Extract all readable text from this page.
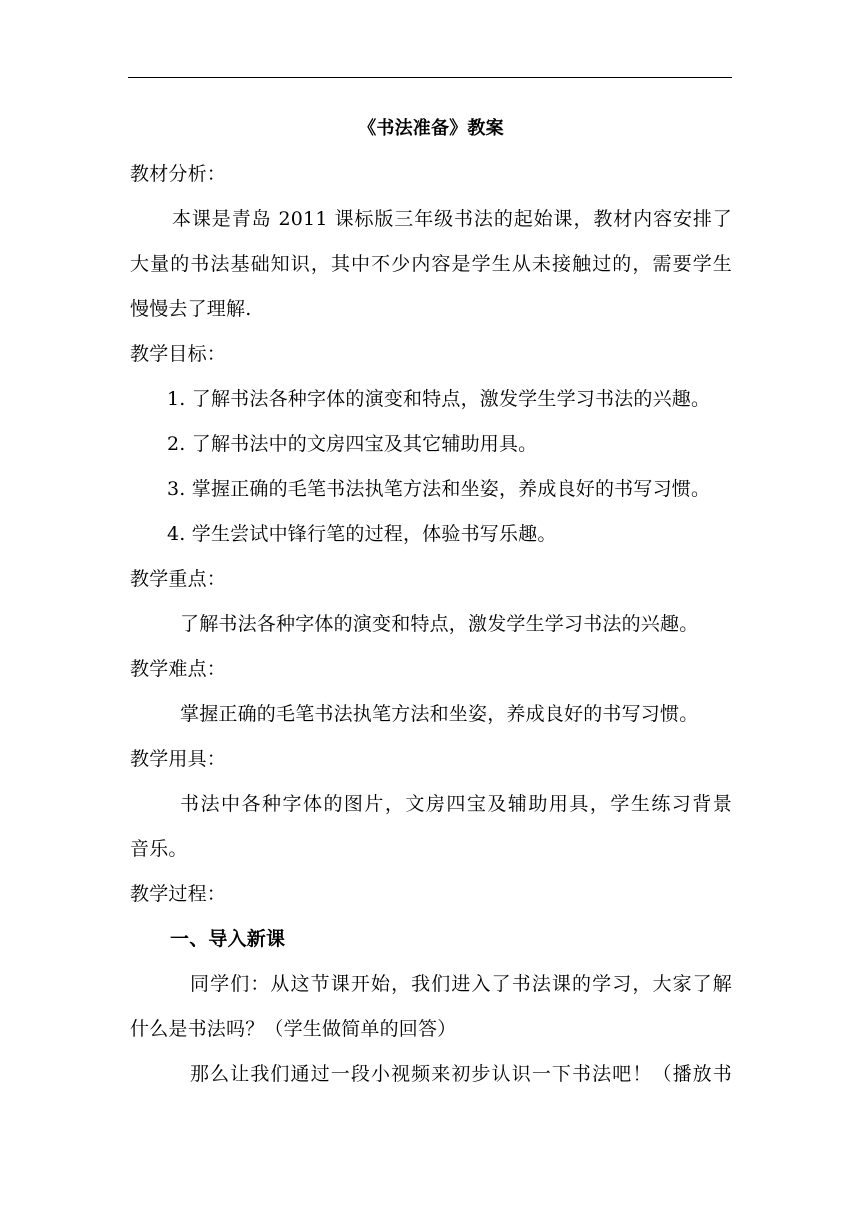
《书法准备》教案
教材分析：
本课是青岛 2011 课标版三年级书法的起始课，教材内容安排了
大量的书法基础知识，其中不少内容是学生从未接触过的，需要学生
慢慢去了理解.
教学目标：
1. 了解书法各种字体的演变和特点，激发学生学习书法的兴趣。
2. 了解书法中的文房四宝及其它辅助用具。
3. 掌握正确的毛笔书法执笔方法和坐姿，养成良好的书写习惯。
4. 学生尝试中锋行笔的过程，体验书写乐趣。
教学重点：
了解书法各种字体的演变和特点，激发学生学习书法的兴趣。
教学难点：
掌握正确的毛笔书法执笔方法和坐姿，养成良好的书写习惯。
教学用具：
书法中各种字体的图片，文房四宝及辅助用具，学生练习背景
音乐。
教学过程：
一、导入新课
同学们：从这节课开始，我们进入了书法课的学习，大家了解
什么是书法吗？（学生做简单的回答）
那么让我们通过一段小视频来初步认识一下书法吧！（播放书
